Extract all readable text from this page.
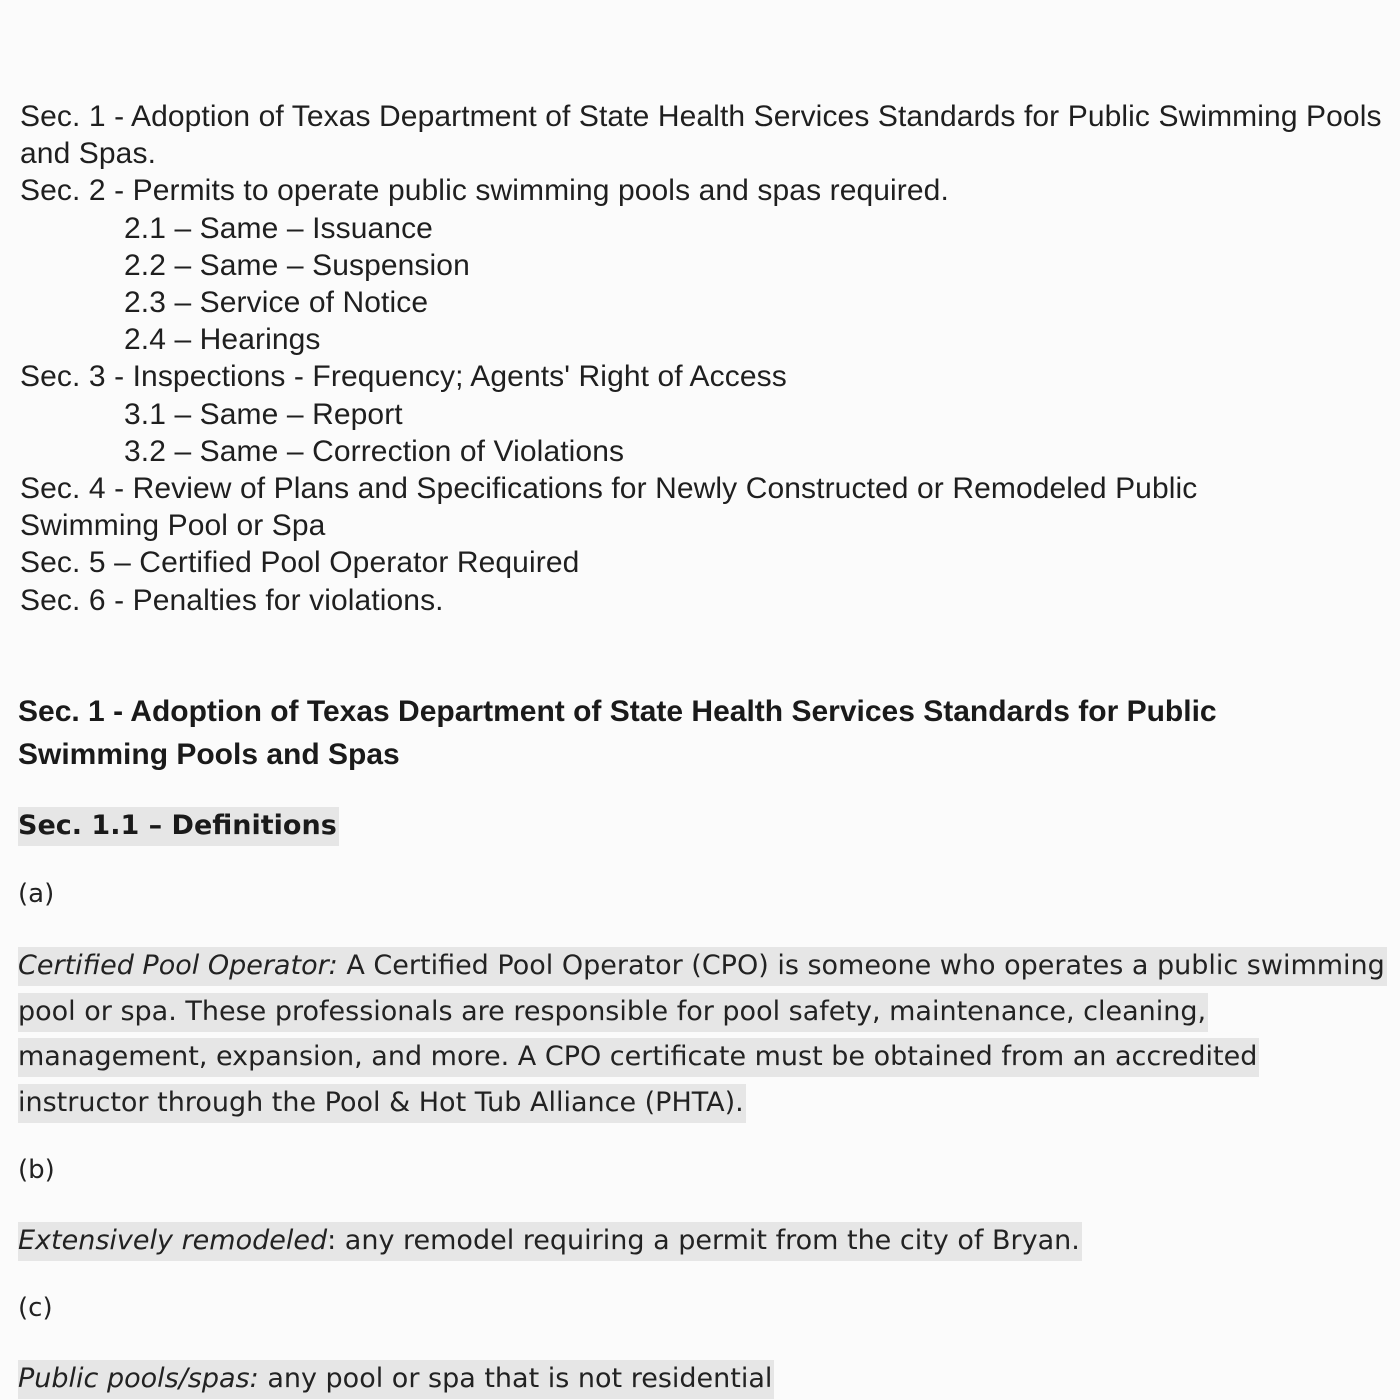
Sec. 1 - Adoption of Texas Department of State Health Services Standards for Public Swimming Pools and Spas.
Sec. 2 - Permits to operate public swimming pools and spas required.
2.1 – Same – Issuance
2.2 – Same – Suspension
2.3 – Service of Notice
2.4 – Hearings
Sec. 3 - Inspections - Frequency; Agents' Right of Access
3.1 – Same – Report
3.2 – Same – Correction of Violations
Sec. 4 - Review of Plans and Specifications for Newly Constructed or Remodeled Public Swimming Pool or Spa
Sec. 5 – Certified Pool Operator Required
Sec. 6 - Penalties for violations.
Sec. 1 - Adoption of Texas Department of State Health Services Standards for Public Swimming Pools and Spas
Sec. 1.1 – Definitions
(a)
Certified Pool Operator: A Certified Pool Operator (CPO) is someone who operates a public swimming pool or spa. These professionals are responsible for pool safety, maintenance, cleaning, management, expansion, and more. A CPO certificate must be obtained from an accredited instructor through the Pool & Hot Tub Alliance (PHTA).
(b)
Extensively remodeled: any remodel requiring a permit from the city of Bryan.
(c)
Public pools/spas: any pool or spa that is not residential
